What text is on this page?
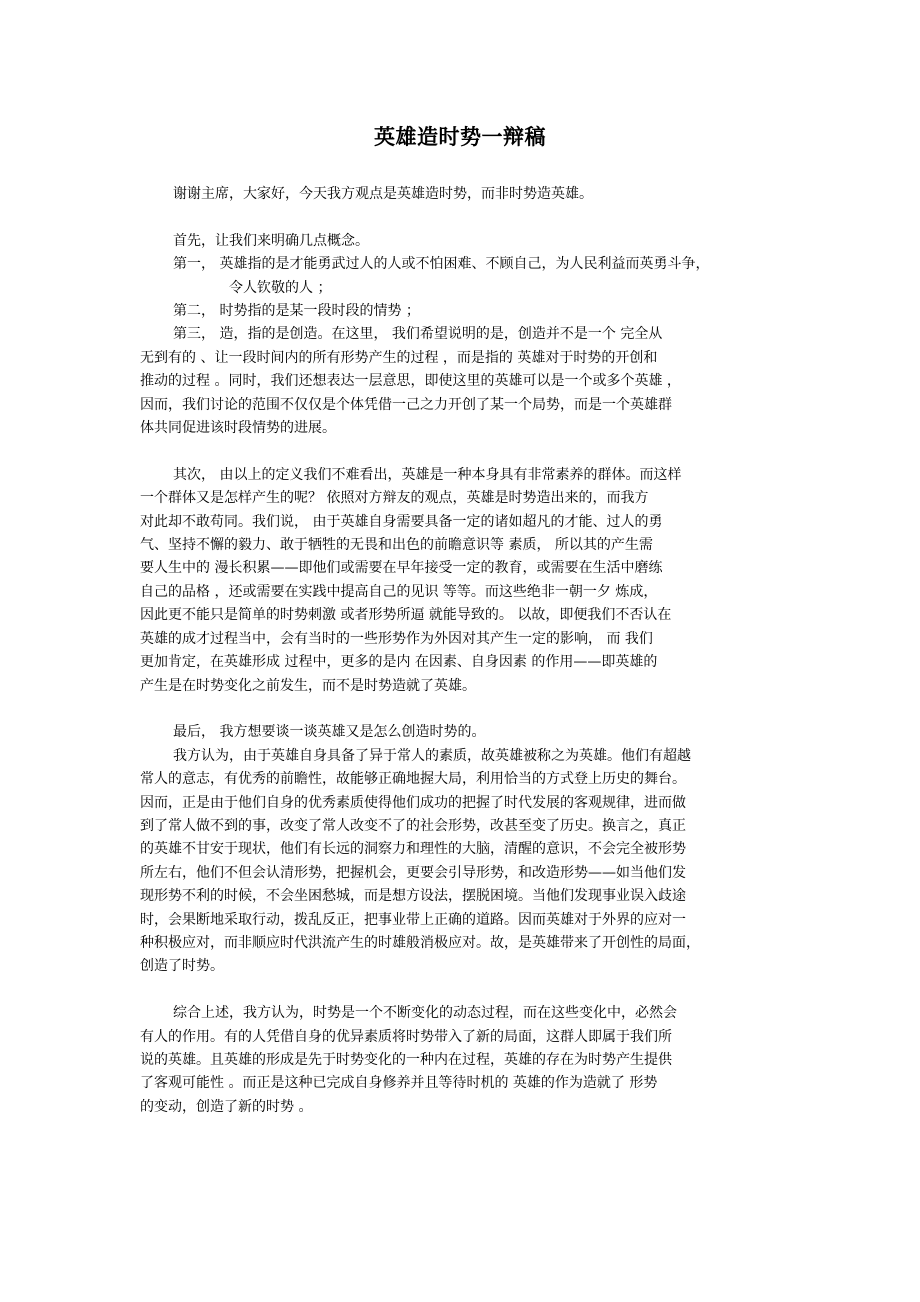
英雄造时势一辩稿

谢谢主席，大家好，今天我方观点是英雄造时势，而非时势造英雄。

首先，让我们来明确几点概念。

第一， 英雄指的是才能勇武过人的人或不怕困难、不顾自己，为人民利益而英勇斗争，

令人钦敬的人 ；

第二， 时势指的是某一段时段的情势 ；

第三， 造，指的是创造。在这里， 我们希望说明的是，创造并不是一个 完全从

无到有的 、让一段时间内的所有形势产生的过程 ，而是指的 英雄对于时势的开创和

推动的过程 。同时，我们还想表达一层意思，即使这里的英雄可以是一个或多个英雄 ，

因而，我们讨论的范围不仅仅是个体凭借一己之力开创了某一个局势，而是一个英雄群

体共同促进该时段情势的进展。

其次， 由以上的定义我们不难看出，英雄是一种本身具有非常素养的群体。而这样

一个群体又是怎样产生的呢？ 依照对方辩友的观点，英雄是时势造出来的，而我方

对此却不敢苟同。我们说， 由于英雄自身需要具备一定的诸如超凡的才能、过人的勇

气、坚持不懈的毅力、敢于牺牲的无畏和出色的前瞻意识等 素质， 所以其的产生需

要人生中的 漫长积累——即他们或需要在早年接受一定的教育，或需要在生活中磨练

自己的品格 ，还或需要在实践中提高自己的见识 等等。而这些绝非一朝一夕 炼成，

因此更不能只是简单的时势刺激 或者形势所逼 就能导致的。 以故，即便我们不否认在

英雄的成才过程当中，会有当时的一些形势作为外因对其产生一定的影响， 而 我们

更加肯定，在英雄形成 过程中，更多的是内 在因素、自身因素 的作用——即英雄的

产生是在时势变化之前发生，而不是时势造就了英雄。

最后， 我方想要谈一谈英雄又是怎么创造时势的。

我方认为，由于英雄自身具备了异于常人的素质，故英雄被称之为英雄。他们有超越

常人的意志，有优秀的前瞻性，故能够正确地握大局，利用恰当的方式登上历史的舞台。

因而，正是由于他们自身的优秀素质使得他们成功的把握了时代发展的客观规律，进而做

到了常人做不到的事，改变了常人改变不了的社会形势，改甚至变了历史。换言之，真正

的英雄不甘安于现状，他们有长远的洞察力和理性的大脑，清醒的意识，不会完全被形势

所左右，他们不但会认清形势，把握机会，更要会引导形势，和改造形势——如当他们发

现形势不利的时候，不会坐困愁城，而是想方设法，摆脱困境。当他们发现事业误入歧途

时，会果断地采取行动，拨乱反正，把事业带上正确的道路。因而英雄对于外界的应对一

种积极应对，而非顺应时代洪流产生的时雄般消极应对。故，是英雄带来了开创性的局面，

创造了时势。

综合上述，我方认为，时势是一个不断变化的动态过程，而在这些变化中，必然会

有人的作用。有的人凭借自身的优异素质将时势带入了新的局面，这群人即属于我们所

说的英雄。且英雄的形成是先于时势变化的一种内在过程，英雄的存在为时势产生提供

了客观可能性 。而正是这种已完成自身修养并且等待时机的 英雄的作为造就了 形势

的变动，创造了新的时势 。
